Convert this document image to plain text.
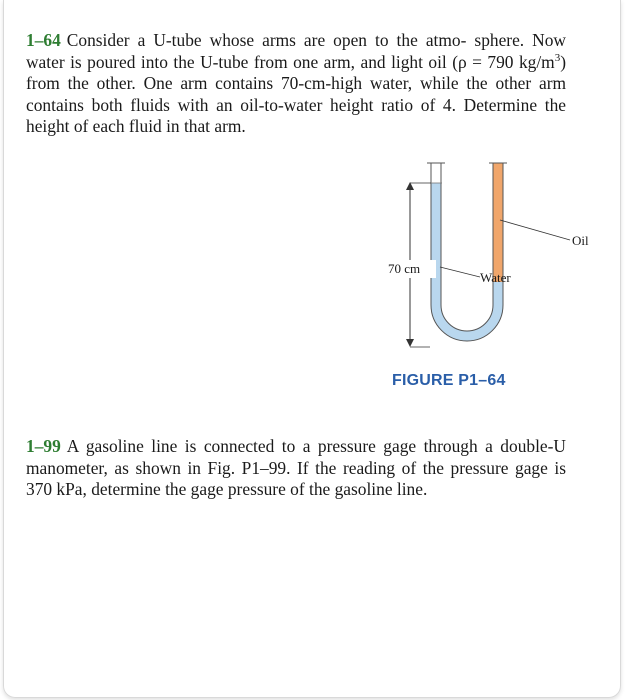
1–64 Consider a U-tube whose arms are open to the atmo- sphere. Now water is poured into the U-tube from one arm, and light oil (ρ = 790 $kg/m^3$) from the other. One arm contains 70-cm-high water, while the other arm contains both fluids with an oil-to-water height ratio of 4. Determine the height of each fluid in that arm.
70 cm
Water
Oil
FIGURE P1–64
1–99 A gasoline line is connected to a pressure gage through a double-U manometer, as shown in Fig. P1–99. If the reading of the pressure gage is 370 kPa, determine the gage pressure of the gasoline line.
